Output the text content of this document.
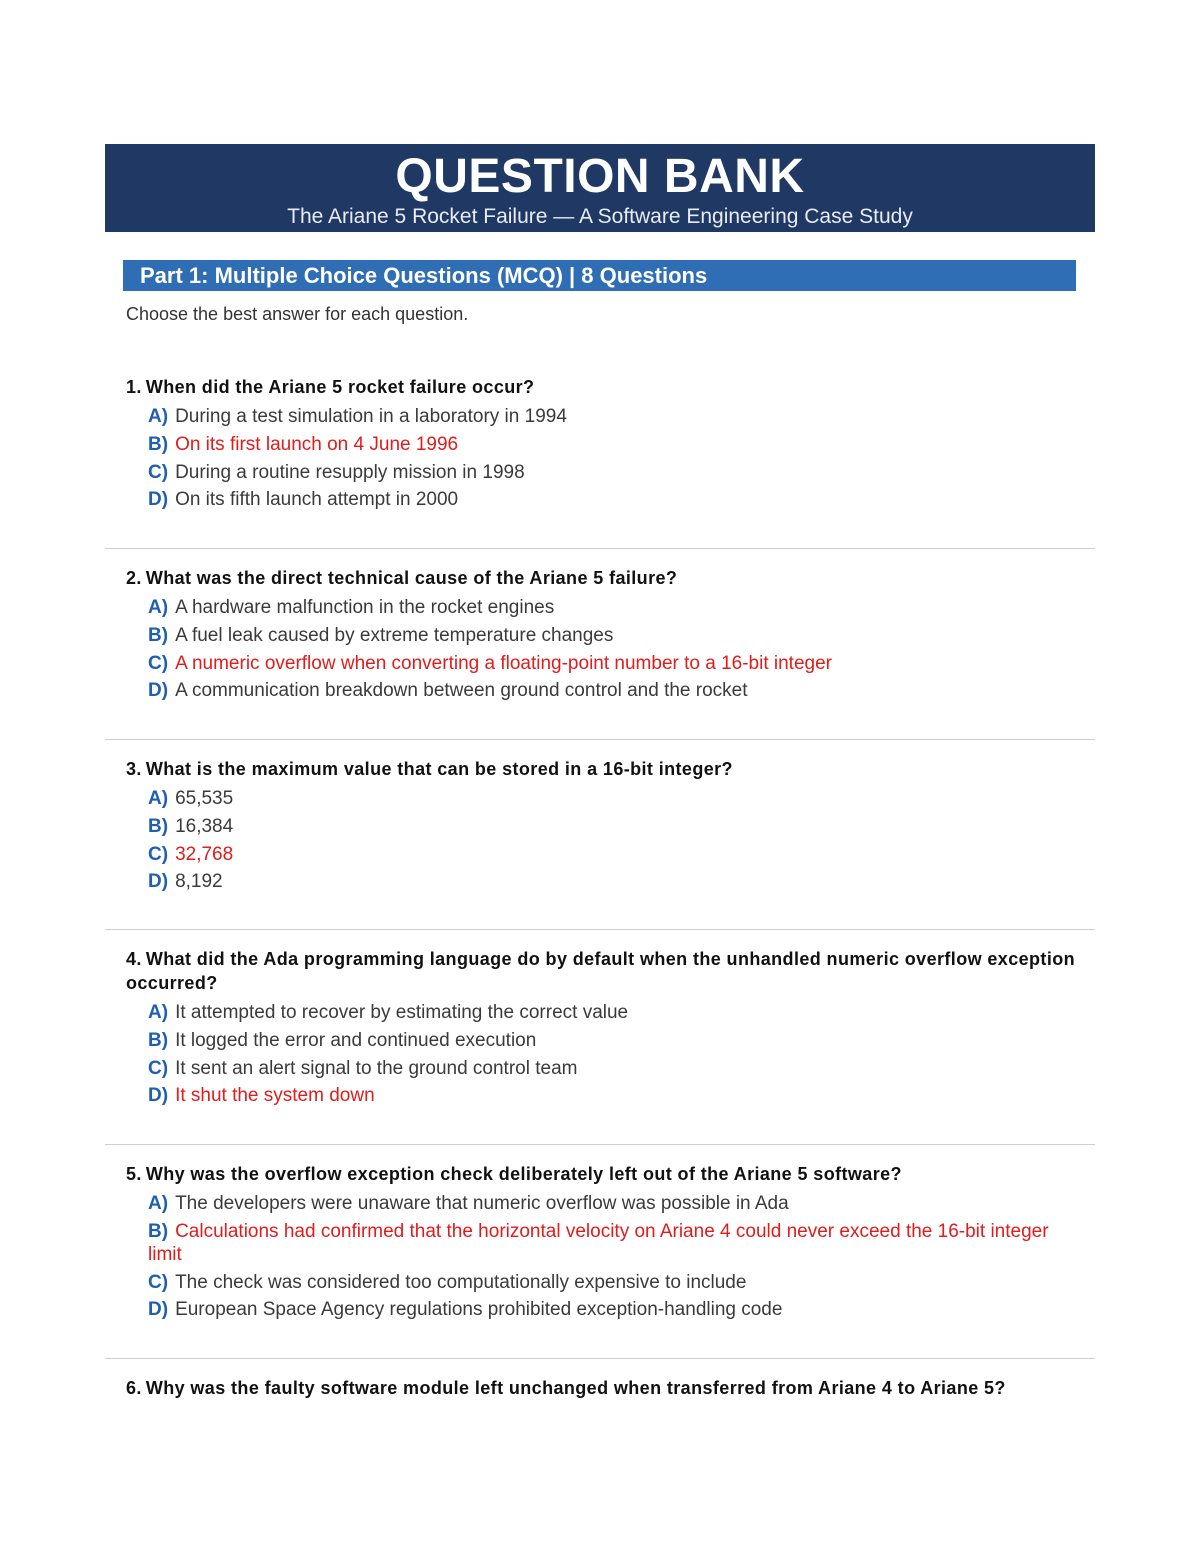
QUESTION BANK
The Ariane 5 Rocket Failure — A Software Engineering Case Study
Part 1: Multiple Choice Questions (MCQ) | 8 Questions
Choose the best answer for each question.
1. When did the Ariane 5 rocket failure occur?
A) During a test simulation in a laboratory in 1994
B) On its first launch on 4 June 1996
C) During a routine resupply mission in 1998
D) On its fifth launch attempt in 2000
2. What was the direct technical cause of the Ariane 5 failure?
A) A hardware malfunction in the rocket engines
B) A fuel leak caused by extreme temperature changes
C) A numeric overflow when converting a floating-point number to a 16-bit integer
D) A communication breakdown between ground control and the rocket
3. What is the maximum value that can be stored in a 16-bit integer?
A) 65,535
B) 16,384
C) 32,768
D) 8,192
4. What did the Ada programming language do by default when the unhandled numeric overflow exception occurred?
A) It attempted to recover by estimating the correct value
B) It logged the error and continued execution
C) It sent an alert signal to the ground control team
D) It shut the system down
5. Why was the overflow exception check deliberately left out of the Ariane 5 software?
A) The developers were unaware that numeric overflow was possible in Ada
B) Calculations had confirmed that the horizontal velocity on Ariane 4 could never exceed the 16-bit integer limit
C) The check was considered too computationally expensive to include
D) European Space Agency regulations prohibited exception-handling code
6. Why was the faulty software module left unchanged when transferred from Ariane 4 to Ariane 5?
